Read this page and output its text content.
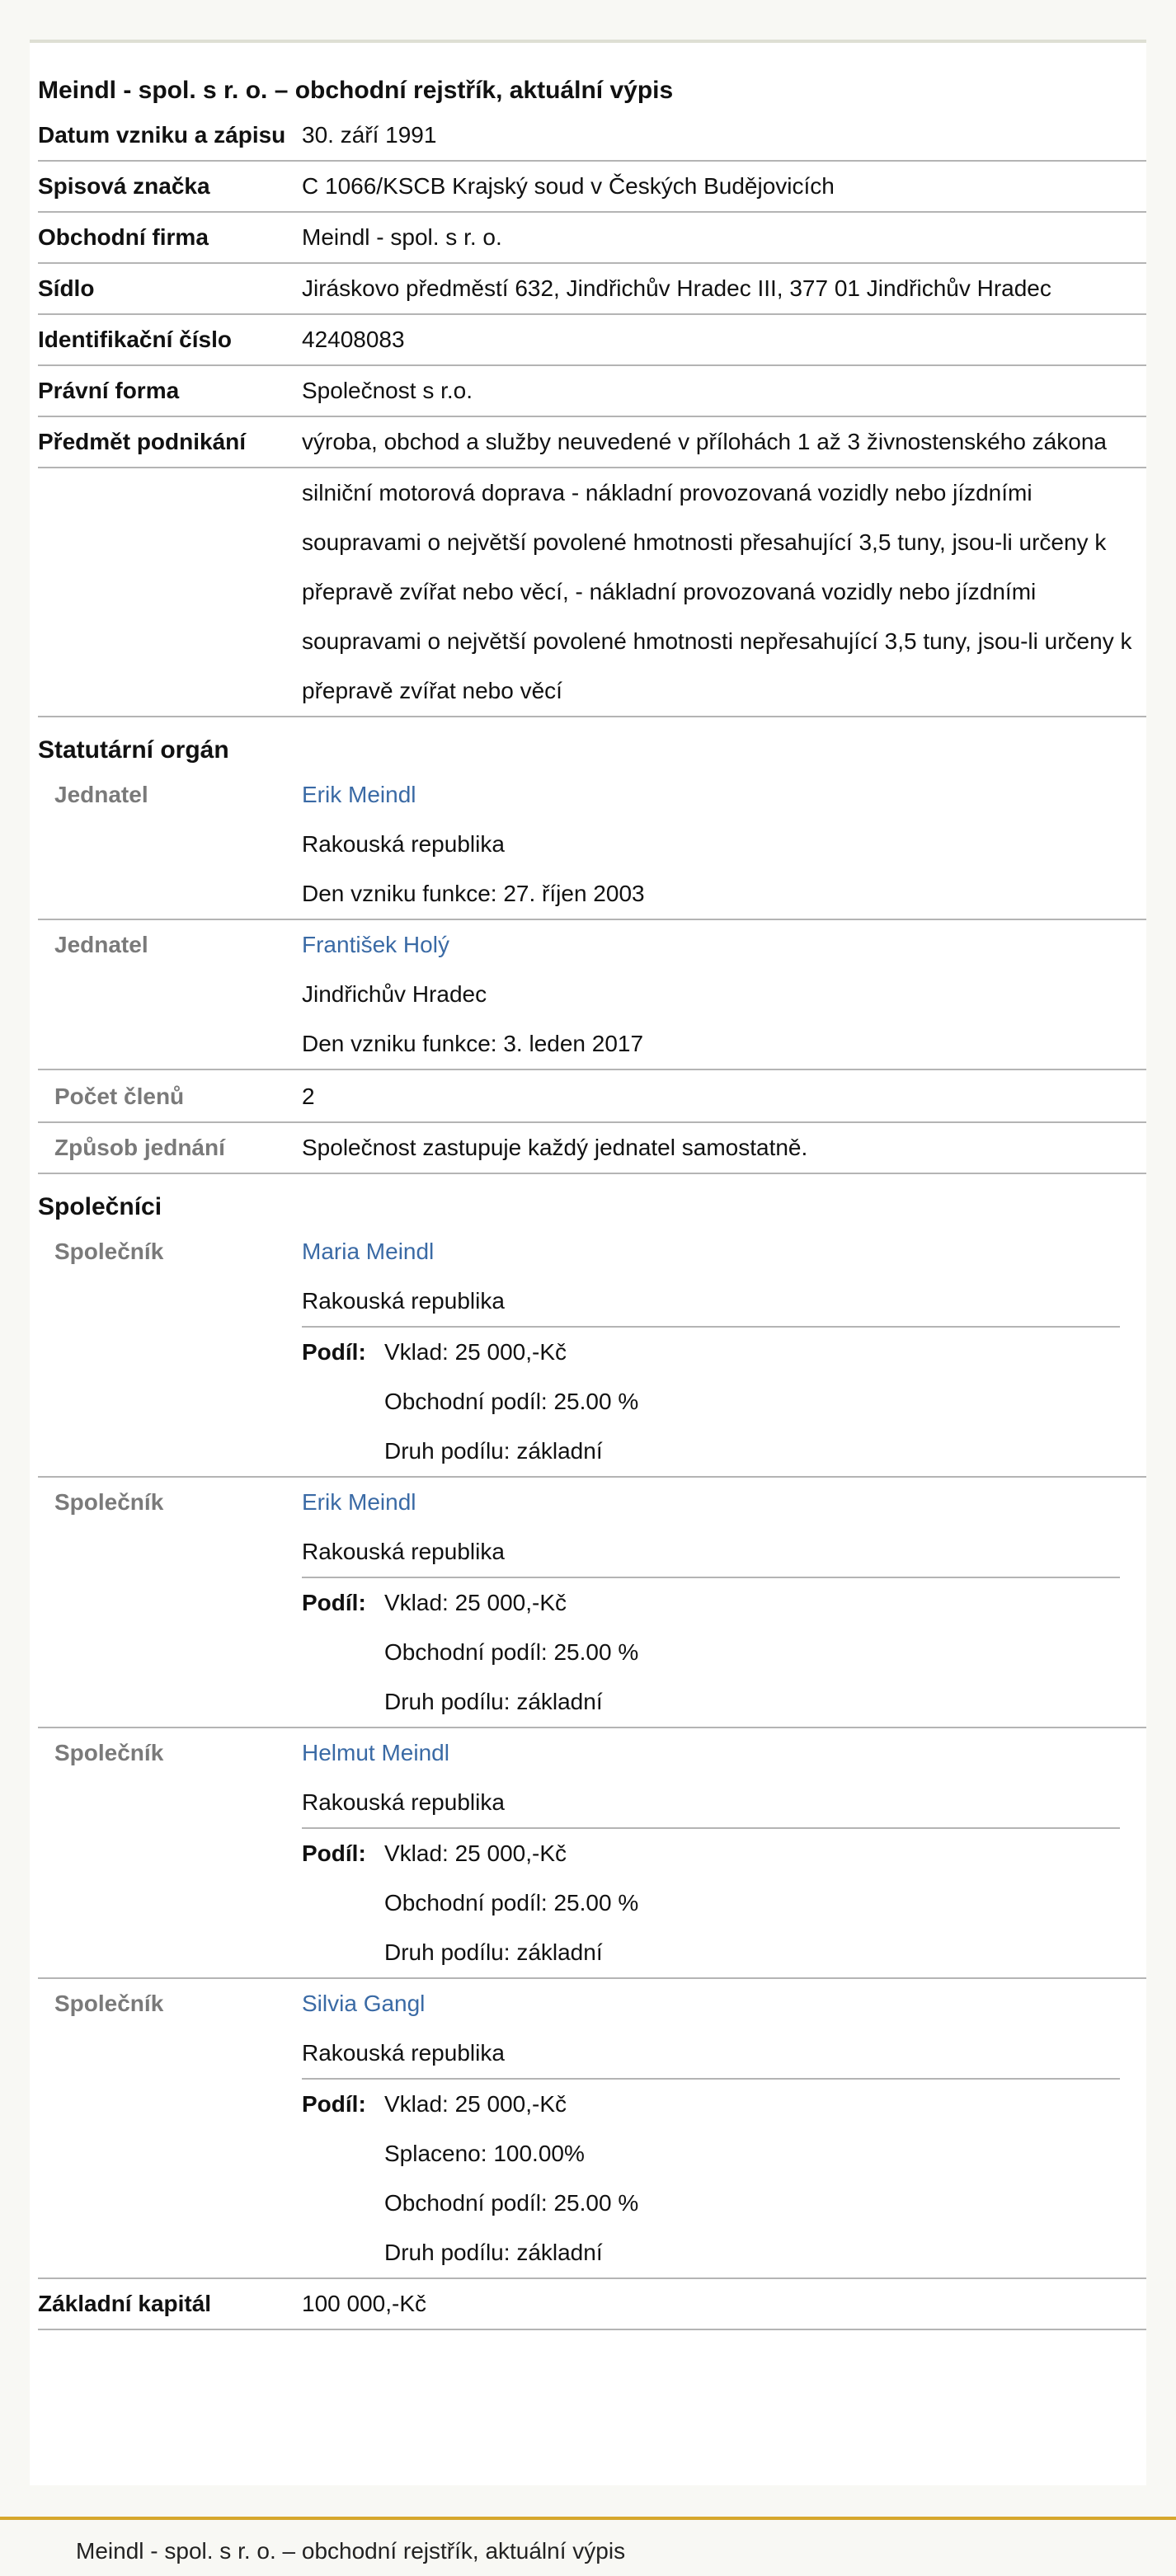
Meindl - spol. s r. o. – obchodní rejstřík, aktuální výpis
Datum vzniku a zápisu 30. září 1991
Spisová značka	C 1066/KSCB Krajský soud v Českých Budějovicích
Obchodní firma	Meindl - spol. s r. o.
Sídlo	Jiráskovo předměstí 632, Jindřichův Hradec III, 377 01 Jindřichův Hradec
Identifikační číslo	42408083
Právní forma	Společnost s r.o.
Předmět podnikání	výroba, obchod a služby neuvedené v přílohách 1 až 3 živnostenského zákona
silniční motorová doprava - nákladní provozovaná vozidly nebo jízdními soupravami o největší povolené hmotnosti přesahující 3,5 tuny, jsou-li určeny k přepravě zvířat nebo věcí, - nákladní provozovaná vozidly nebo jízdními soupravami o největší povolené hmotnosti nepřesahující 3,5 tuny, jsou-li určeny k přepravě zvířat nebo věcí
Statutární orgán
Jednatel	Erik Meindl
Rakouská republika
Den vzniku funkce: 27. říjen 2003
Jednatel	František Holý
Jindřichův Hradec
Den vzniku funkce: 3. leden 2017
Počet členů	2
Způsob jednání	Společnost zastupuje každý jednatel samostatně.
Společníci
Společník	Maria Meindl
Rakouská republika
Podíl: Vklad: 25 000,-Kč
Obchodní podíl: 25.00 %
Druh podílu: základní
Společník	Erik Meindl
Rakouská republika
Podíl: Vklad: 25 000,-Kč
Obchodní podíl: 25.00 %
Druh podílu: základní
Společník	Helmut Meindl
Rakouská republika
Podíl: Vklad: 25 000,-Kč
Obchodní podíl: 25.00 %
Druh podílu: základní
Společník	Silvia Gangl
Rakouská republika
Podíl: Vklad: 25 000,-Kč
Splaceno: 100.00%
Obchodní podíl: 25.00 %
Druh podílu: základní
Základní kapitál	100 000,-Kč
Meindl - spol. s r. o. – obchodní rejstřík, aktuální výpis
